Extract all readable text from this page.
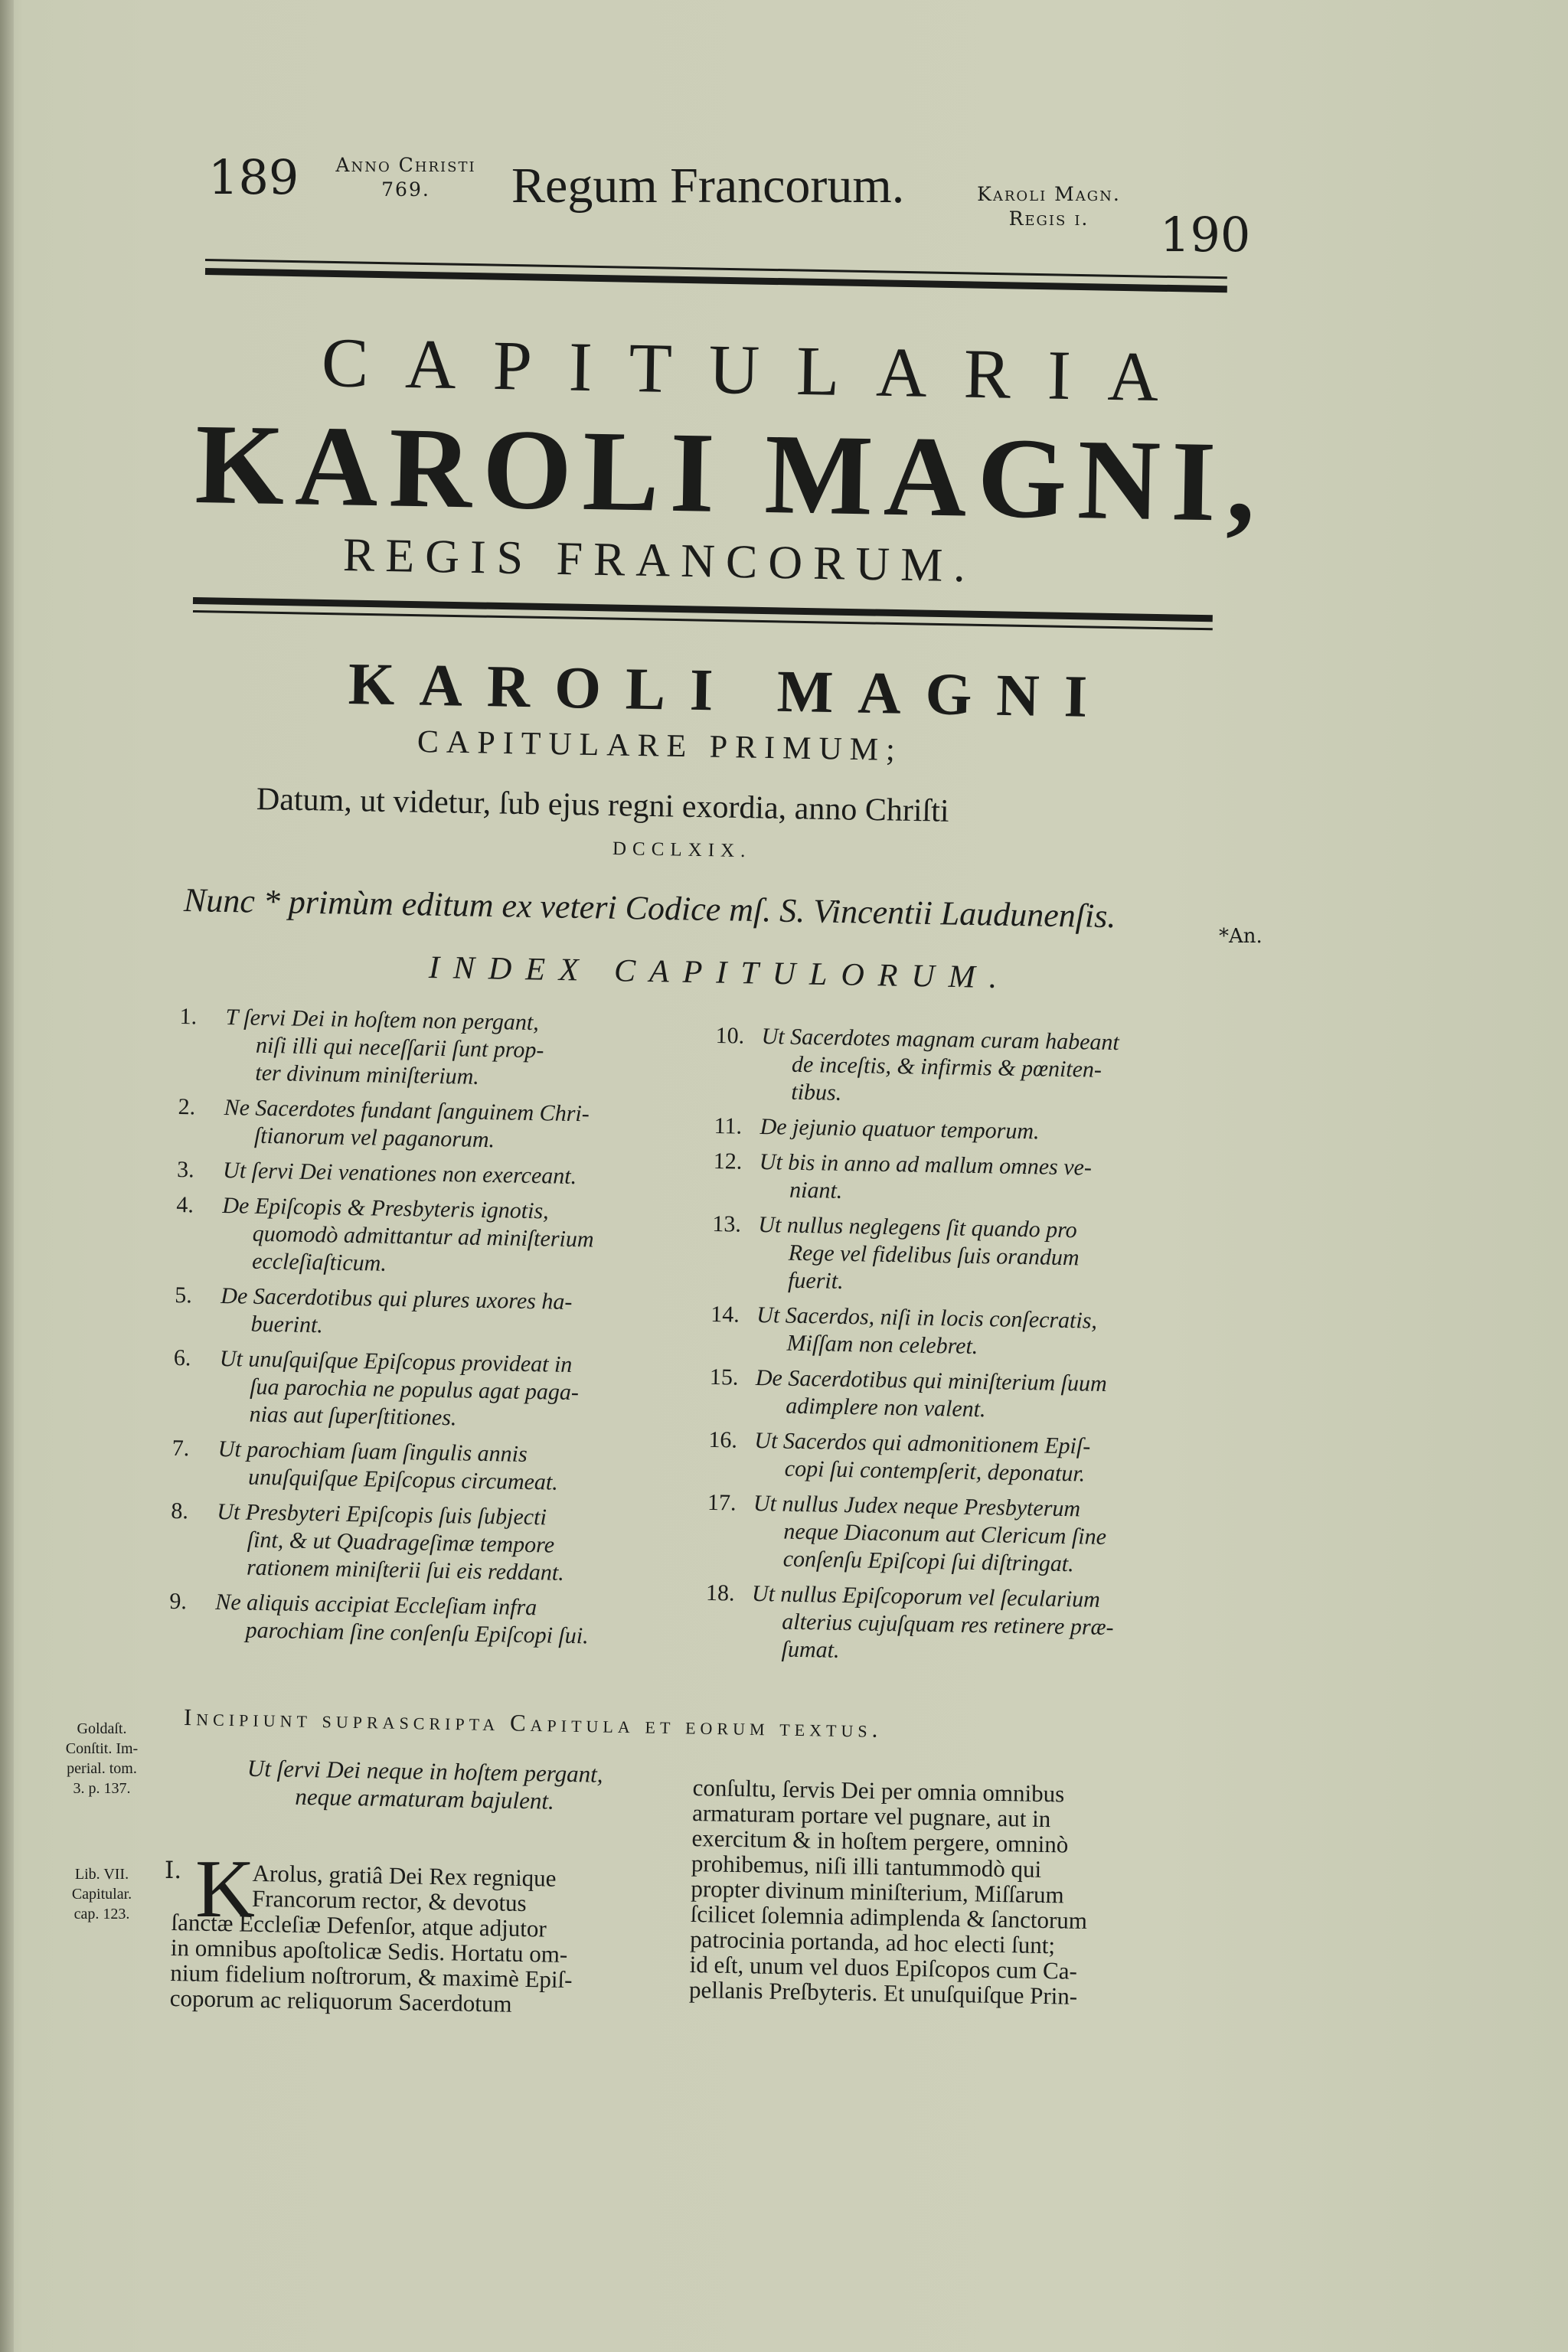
189	Anno Christi
769.	Regum Francorum.	Karoli Magn.
Regis i.	190
CAPITULARIA
KAROLI MAGNI,
REGIS FRANCORUM.
KAROLI MAGNI
CAPITULARE PRIMUM;
Datum, ut videtur, ſub ejus regni exordia, anno Chriſti
DCCLXIX.
Nunc * primùm editum ex veteri Codice mſ. S. Vincentii Laudunenſis.
*An.
INDEX CAPITULORUM.
1. T ſervi Dei in hoſtem non pergant,
niſi illi qui neceſſarii ſunt prop-
ter divinum miniſterium.
2. Ne Sacerdotes fundant ſanguinem Chri-
ſtianorum vel paganorum.
3. Ut ſervi Dei venationes non exerceant.
4. De Epiſcopis & Presbyteris ignotis,
quomodò admittantur ad miniſterium
eccleſiaſticum.
5. De Sacerdotibus qui plures uxores ha-
buerint.
6. Ut unuſquiſque Epiſcopus provideat in
ſua parochia ne populus agat paga-
nias aut ſuperſtitiones.
7. Ut parochiam ſuam ſingulis annis
unuſquiſque Epiſcopus circumeat.
8. Ut Presbyteri Epiſcopis ſuis ſubjecti
ſint, & ut Quadrageſimæ tempore
rationem miniſterii ſui eis reddant.
9. Ne aliquis accipiat Eccleſiam infra
parochiam ſine conſenſu Epiſcopi ſui.
10. Ut Sacerdotes magnam curam habeant
de inceſtis, & infirmis & pœniten-
tibus.
11. De jejunio quatuor temporum.
12. Ut bis in anno ad mallum omnes ve-
niant.
13. Ut nullus neglegens ſit quando pro
Rege vel fidelibus ſuis orandum
fuerit.
14. Ut Sacerdos, niſi in locis conſecratis,
Miſſam non celebret.
15. De Sacerdotibus qui miniſterium ſuum
adimplere non valent.
16. Ut Sacerdos qui admonitionem Epiſ-
copi ſui contempſerit, deponatur.
17. Ut nullus Judex neque Presbyterum
neque Diaconum aut Clericum ſine
conſenſu Epiſcopi ſui diſtringat.
18. Ut nullus Epiſcoporum vel ſecularium
alterius cujuſquam res retinere præ-
ſumat.
Incipiunt suprascripta Capitula et eorum textus.
Goldaſt.
Conſtit. Im-
perial. tom.
3. p. 137.
Lib. VII.
Capitular.
cap. 123.
Ut ſervi Dei neque in hoſtem pergant,
neque armaturam bajulent.
I. K
Arolus, gratiâ Dei Rex regnique
Francorum rector, & devotus
ſanctæ Eccleſiæ Defenſor, atque adjutor
in omnibus apoſtolicæ Sedis. Hortatu om-
nium fidelium noſtrorum, & maximè Epiſ-
coporum ac reliquorum Sacerdotum
conſultu, ſervis Dei per omnia omnibus
armaturam portare vel pugnare, aut in
exercitum & in hoſtem pergere, omninò
prohibemus, niſi illi tantummodò qui
propter divinum miniſterium, Miſſarum
ſcilicet ſolemnia adimplenda & ſanctorum
patrocinia portanda, ad hoc electi ſunt;
id eſt, unum vel duos Epiſcopos cum Ca-
pellanis Preſbyteris. Et unuſquiſque Prin-
